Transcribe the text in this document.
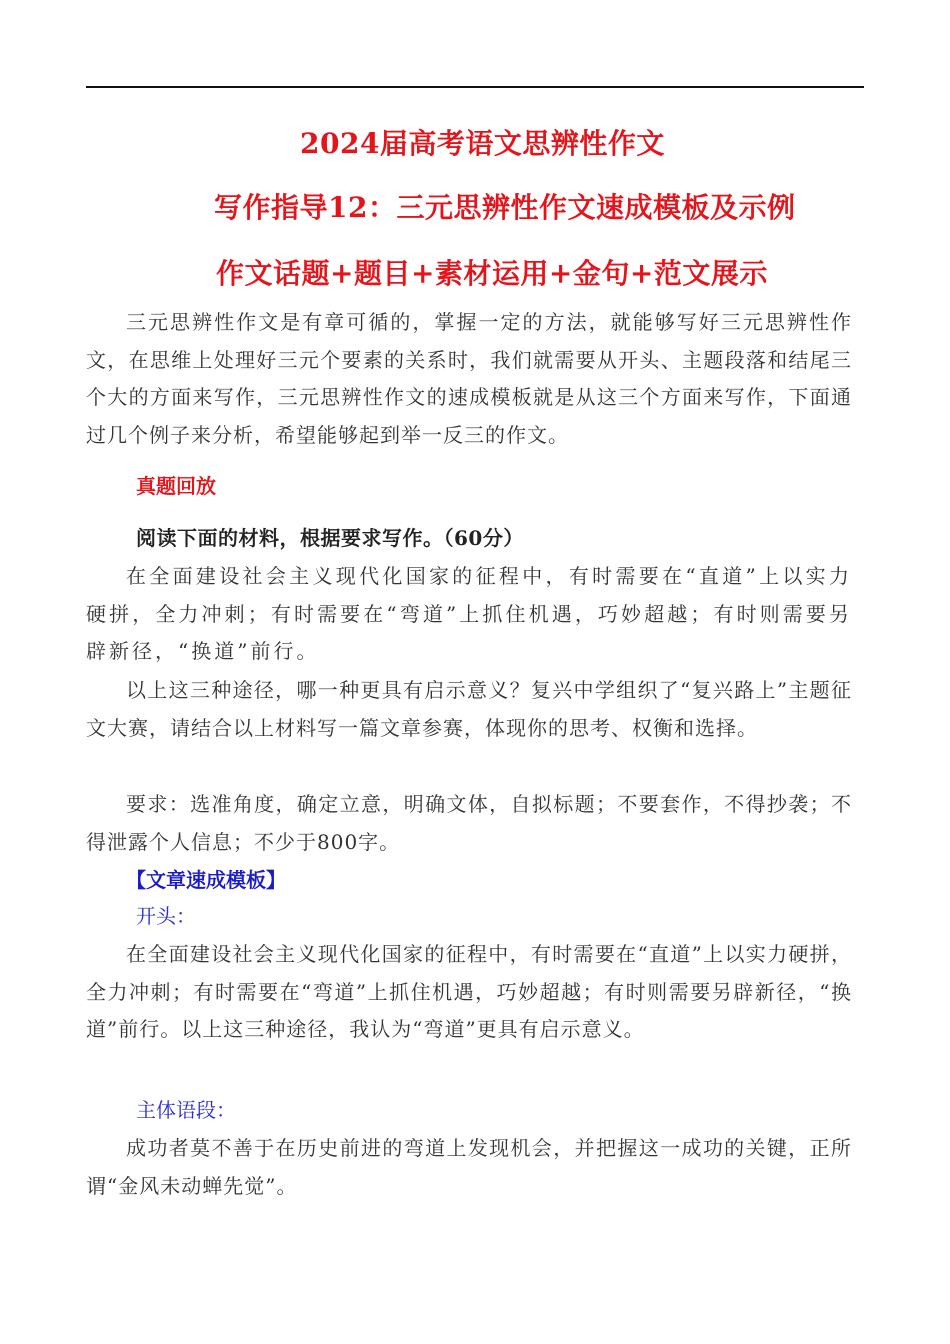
2024届高考语文思辨性作文
写作指导12：三元思辨性作文速成模板及示例
作文话题+题目+素材运用+金句+范文展示
三元思辨性作文是有章可循的，掌握一定的方法，就能够写好三元思辨性作文，在思维上处理好三元个要素的关系时，我们就需要从开头、主题段落和结尾三个大的方面来写作，三元思辨性作文的速成模板就是从这三个方面来写作，下面通过几个例子来分析，希望能够起到举一反三的作文。
真题回放
阅读下面的材料，根据要求写作。（60分）
在全面建设社会主义现代化国家的征程中，有时需要在“直道”上以实力硬拼，全力冲刺；有时需要在“弯道”上抓住机遇，巧妙超越；有时则需要另辟新径，“换道”前行。
以上这三种途径，哪一种更具有启示意义？复兴中学组织了“复兴路上”主题征文大赛，请结合以上材料写一篇文章参赛，体现你的思考、权衡和选择。
要求：选准角度，确定立意，明确文体，自拟标题；不要套作，不得抄袭；不得泄露个人信息；不少于800字。
【文章速成模板】
开头：
在全面建设社会主义现代化国家的征程中，有时需要在“直道”上以实力硬拼，全力冲刺；有时需要在“弯道”上抓住机遇，巧妙超越；有时则需要另辟新径，“换道”前行。以上这三种途径，我认为“弯道”更具有启示意义。
主体语段：
成功者莫不善于在历史前进的弯道上发现机会，并把握这一成功的关键，正所谓“金风未动蝉先觉”。
